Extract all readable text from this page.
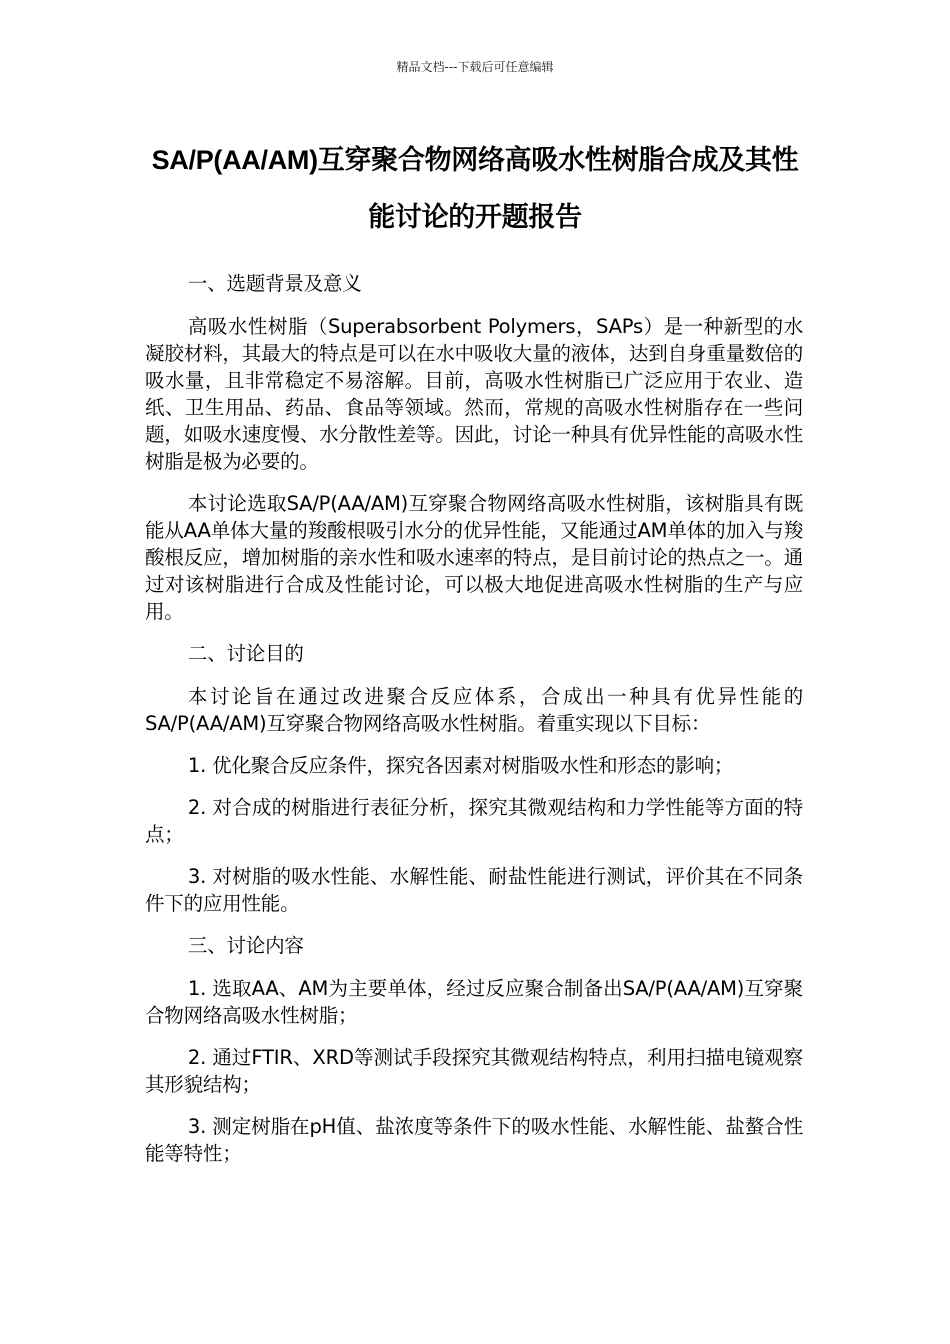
精品文档---下载后可任意编辑
SA/P(AA/AM)互穿聚合物网络高吸水性树脂合成及其性能讨论的开题报告

一、选题背景及意义

高吸水性树脂（Superabsorbent Polymers，SAPs）是一种新型的水凝胶材料，其最大的特点是可以在水中吸收大量的液体，达到自身重量数倍的吸水量，且非常稳定不易溶解。目前，高吸水性树脂已广泛应用于农业、造纸、卫生用品、药品、食品等领域。然而，常规的高吸水性树脂存在一些问题，如吸水速度慢、水分散性差等。因此，讨论一种具有优异性能的高吸水性树脂是极为必要的。

本讨论选取SA/P(AA/AM)互穿聚合物网络高吸水性树脂，该树脂具有既能从AA单体大量的羧酸根吸引水分的优异性能，又能通过AM单体的加入与羧酸根反应，增加树脂的亲水性和吸水速率的特点，是目前讨论的热点之一。通过对该树脂进行合成及性能讨论，可以极大地促进高吸水性树脂的生产与应用。

二、讨论目的

本讨论旨在通过改进聚合反应体系，合成出一种具有优异性能的SA/P(AA/AM)互穿聚合物网络高吸水性树脂。着重实现以下目标：

1. 优化聚合反应条件，探究各因素对树脂吸水性和形态的影响；

2. 对合成的树脂进行表征分析，探究其微观结构和力学性能等方面的特点；

3. 对树脂的吸水性能、水解性能、耐盐性能进行测试，评价其在不同条件下的应用性能。

三、讨论内容

1. 选取AA、AM为主要单体，经过反应聚合制备出SA/P(AA/AM)互穿聚合物网络高吸水性树脂；

2. 通过FTIR、XRD等测试手段探究其微观结构特点，利用扫描电镜观察其形貌结构；

3. 测定树脂在pH值、盐浓度等条件下的吸水性能、水解性能、盐螯合性能等特性；
